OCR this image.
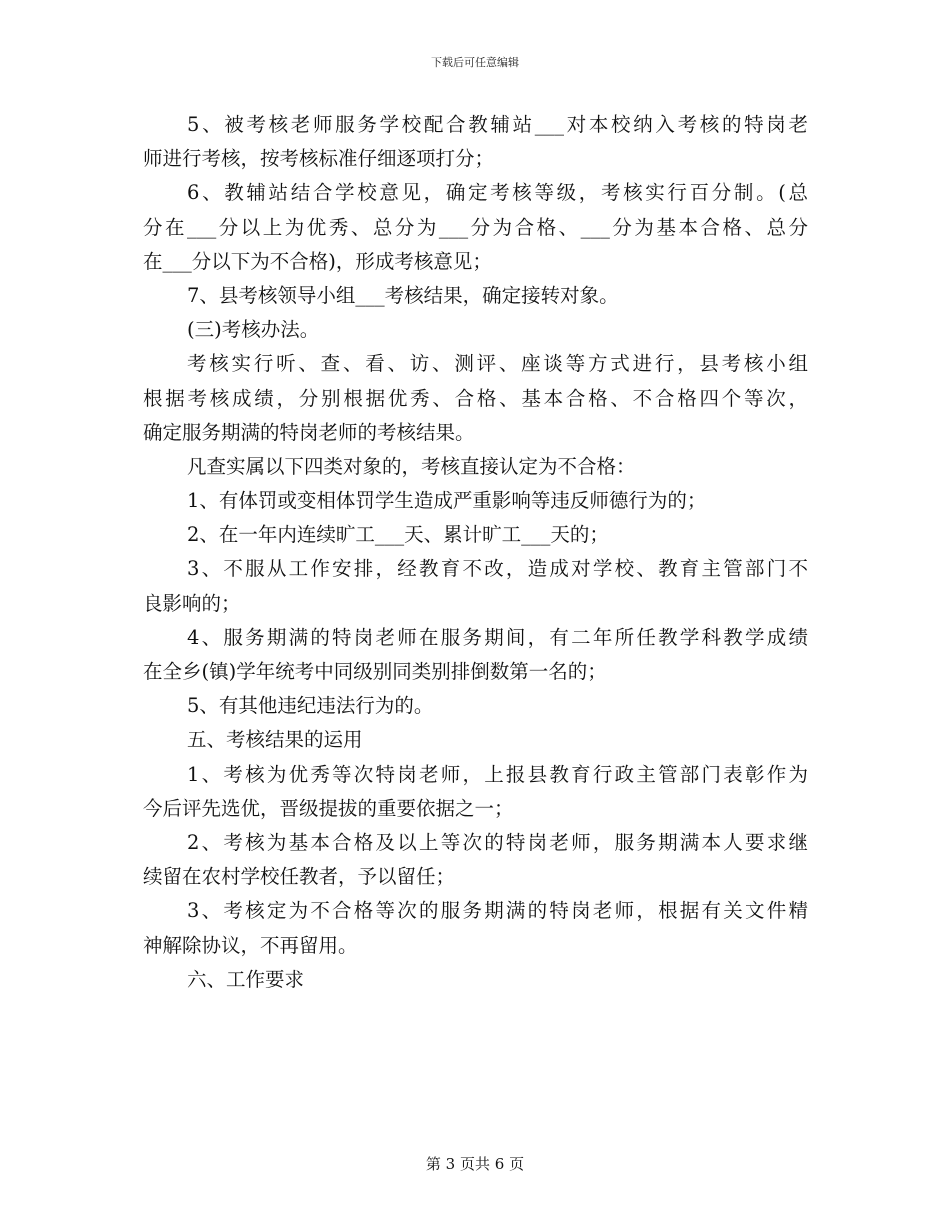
下载后可任意编辑
5、被考核老师服务学校配合教辅站___对本校纳入考核的特岗老
师进行考核，按考核标准仔细逐项打分；
6、教辅站结合学校意见，确定考核等级，考核实行百分制。(总
分在___分以上为优秀、总分为___分为合格、___分为基本合格、总分
在___分以下为不合格)，形成考核意见；
7、县考核领导小组___考核结果，确定接转对象。
(三)考核办法。
考核实行听、查、看、访、测评、座谈等方式进行，县考核小组
根据考核成绩，分别根据优秀、合格、基本合格、不合格四个等次，
确定服务期满的特岗老师的考核结果。
凡查实属以下四类对象的，考核直接认定为不合格：
1、有体罚或变相体罚学生造成严重影响等违反师德行为的；
2、在一年内连续旷工___天、累计旷工___天的；
3、不服从工作安排，经教育不改，造成对学校、教育主管部门不
良影响的；
4、服务期满的特岗老师在服务期间，有二年所任教学科教学成绩
在全乡(镇)学年统考中同级别同类别排倒数第一名的；
5、有其他违纪违法行为的。
五、考核结果的运用
1、考核为优秀等次特岗老师，上报县教育行政主管部门表彰作为
今后评先选优，晋级提拔的重要依据之一；
2、考核为基本合格及以上等次的特岗老师，服务期满本人要求继
续留在农村学校任教者，予以留任；
3、考核定为不合格等次的服务期满的特岗老师，根据有关文件精
神解除协议，不再留用。
六、工作要求
第 3 页共 6 页
